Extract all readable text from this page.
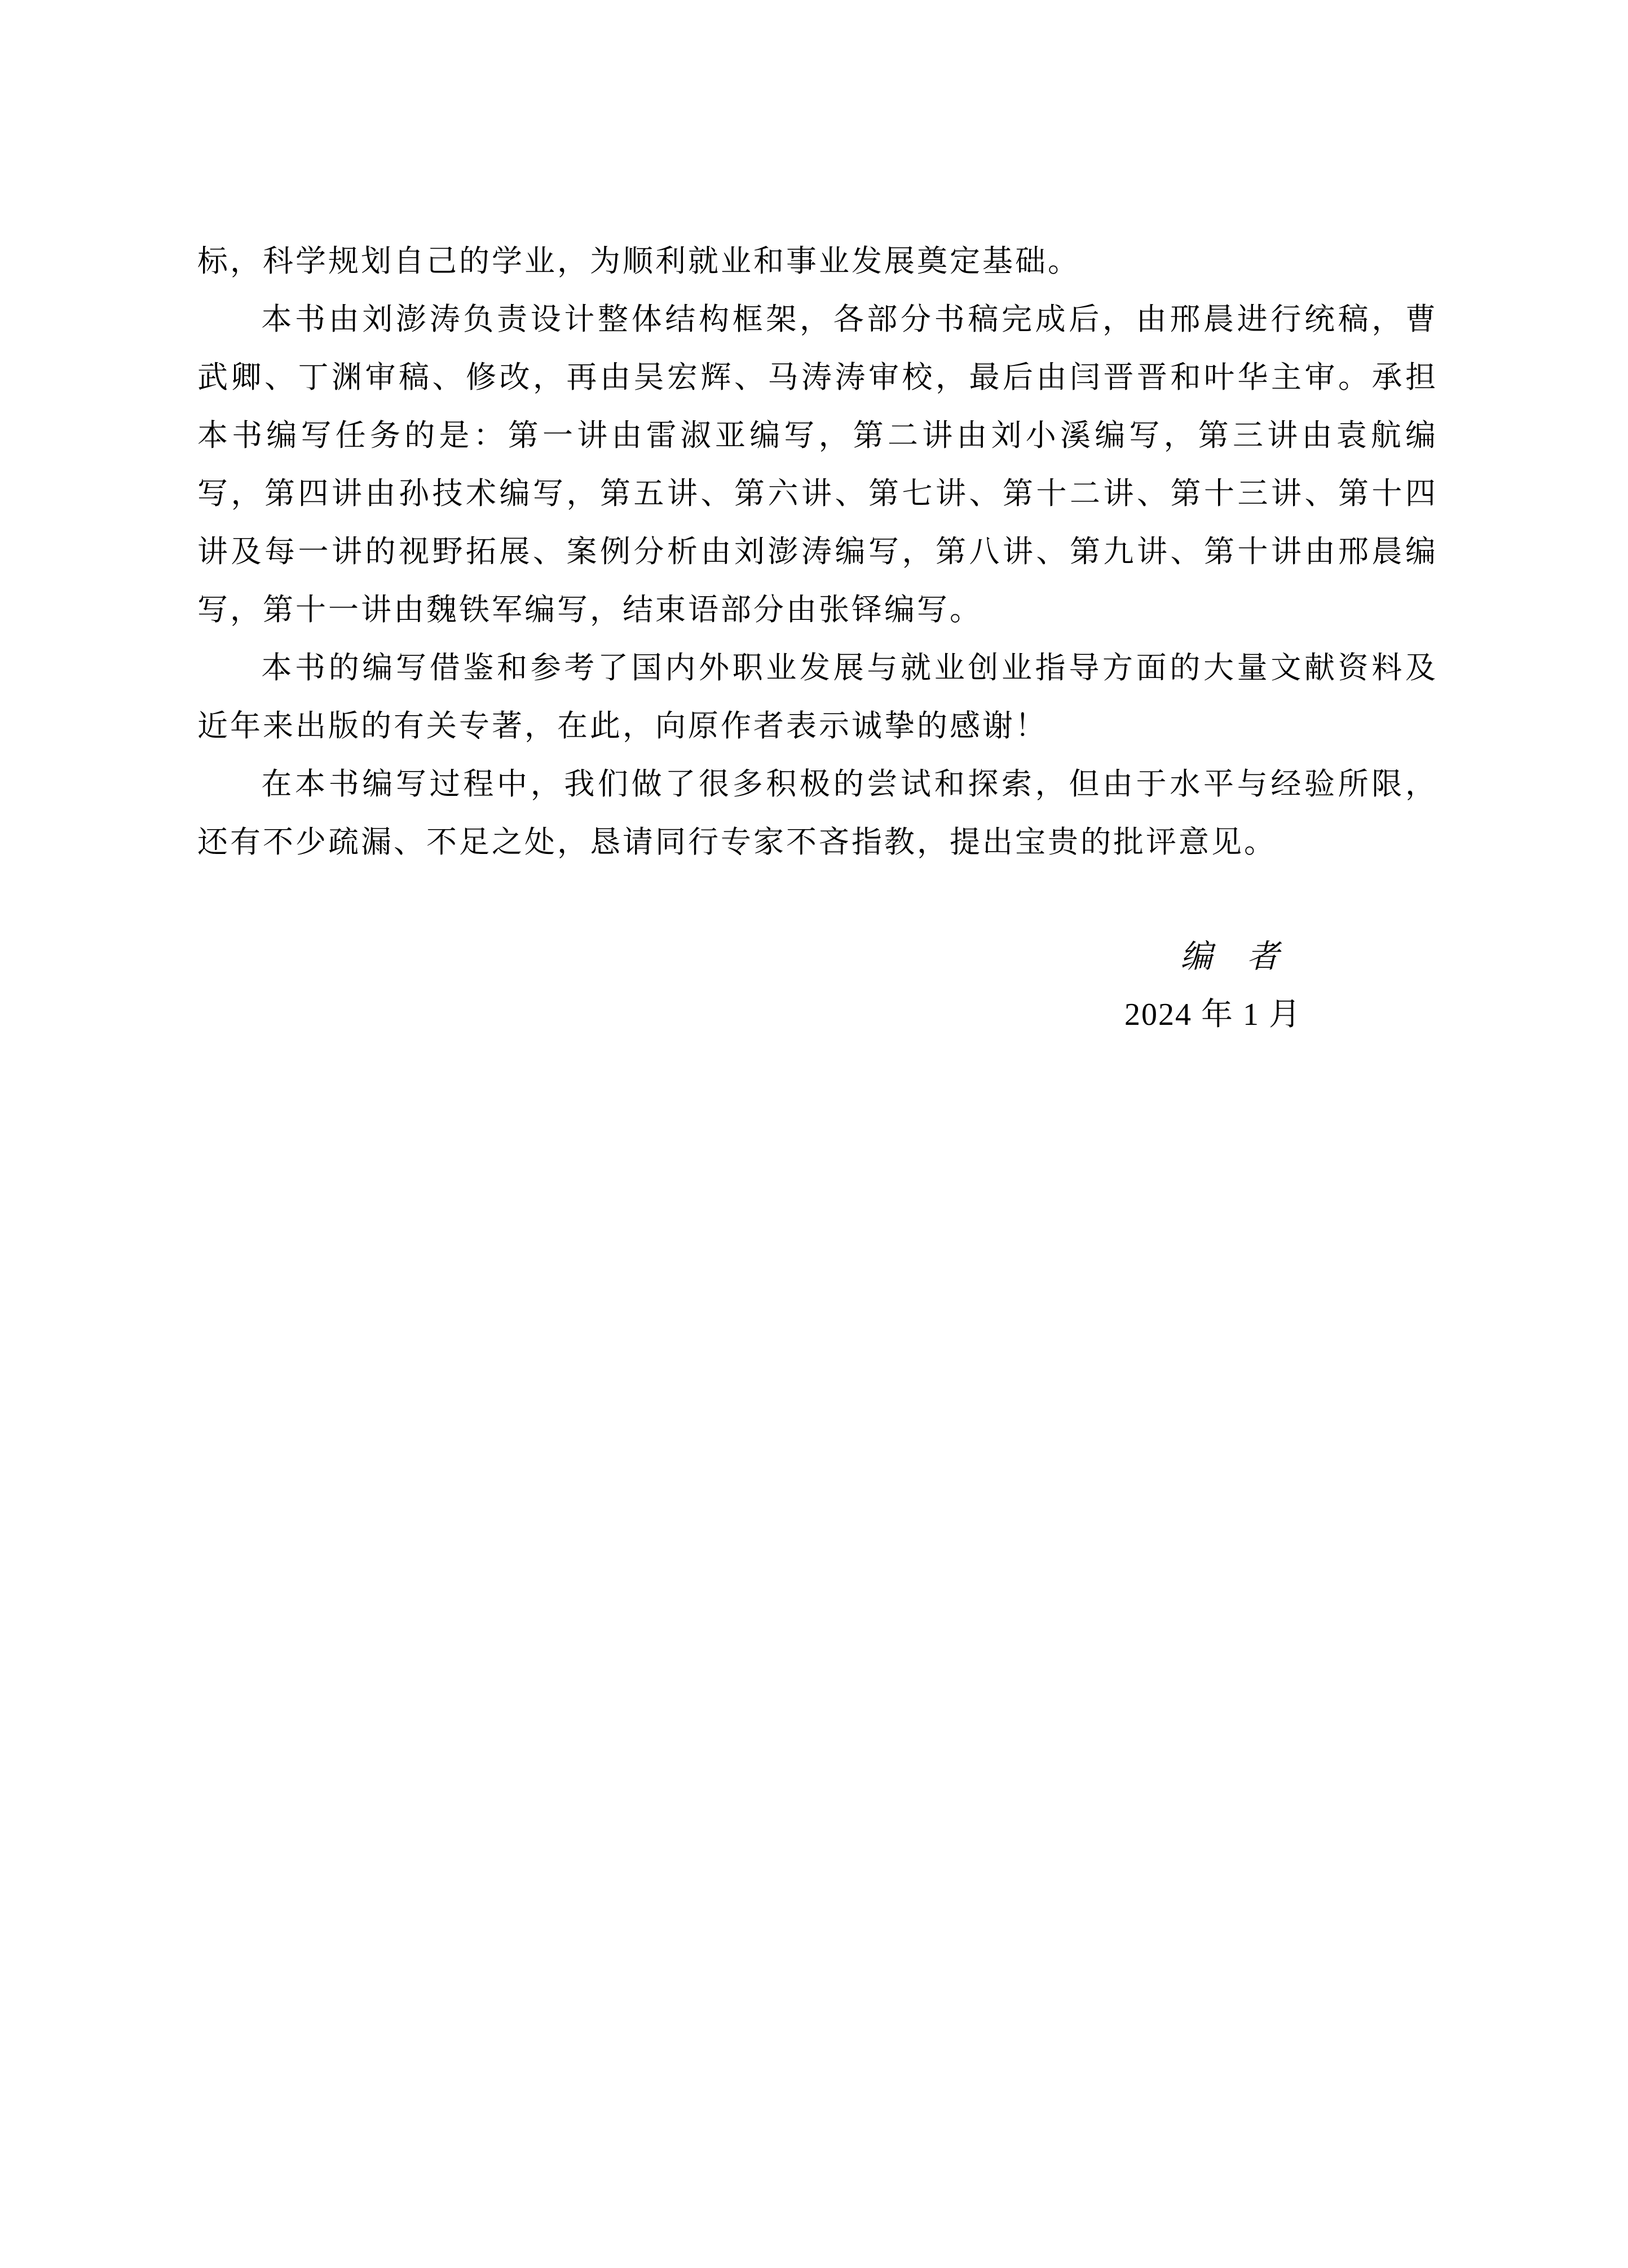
标，科学规划自己的学业，为顺利就业和事业发展奠定基础。

本书由刘澎涛负责设计整体结构框架，各部分书稿完成后，由邢晨进行统稿，曹武卿、丁渊审稿、修改，再由吴宏辉、马涛涛审校，最后由闫晋晋和叶华主审。承担本书编写任务的是：第一讲由雷淑亚编写，第二讲由刘小溪编写，第三讲由袁航编写，第四讲由孙技术编写，第五讲、第六讲、第七讲、第十二讲、第十三讲、第十四讲及每一讲的视野拓展、案例分析由刘澎涛编写，第八讲、第九讲、第十讲由邢晨编写，第十一讲由魏铁军编写，结束语部分由张铎编写。

本书的编写借鉴和参考了国内外职业发展与就业创业指导方面的大量文献资料及近年来出版的有关专著，在此，向原作者表示诚挚的感谢！

在本书编写过程中，我们做了很多积极的尝试和探索，但由于水平与经验所限，还有不少疏漏、不足之处，恳请同行专家不吝指教，提出宝贵的批评意见。

编　者
2024 年 1 月
